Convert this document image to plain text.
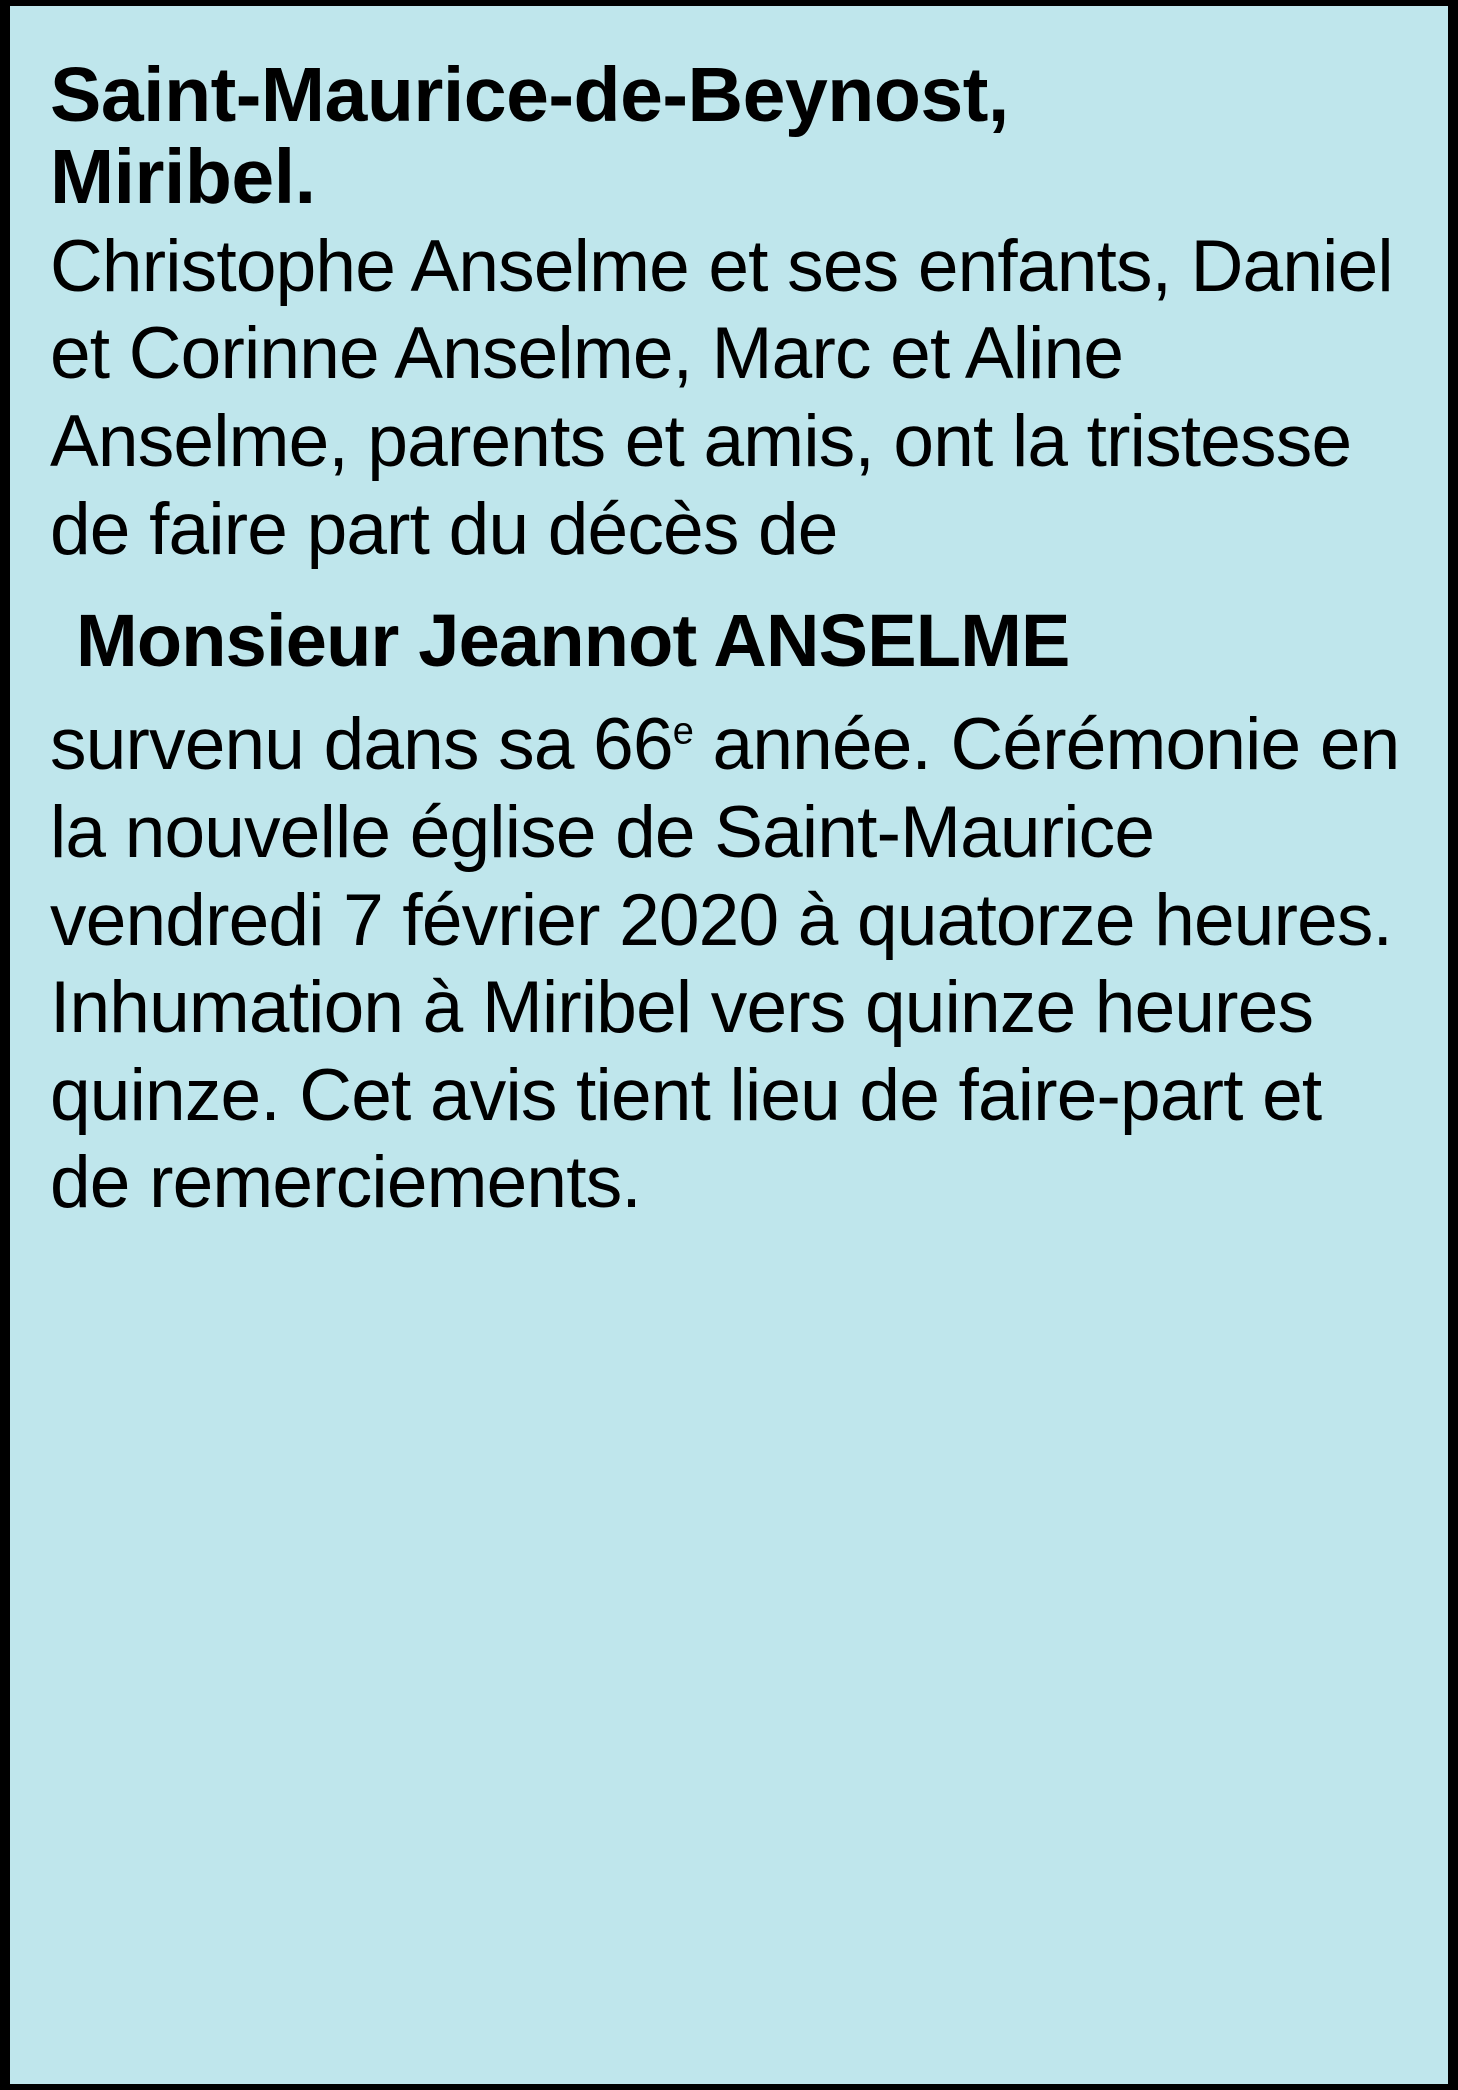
Saint-Maurice-de-Beynost, Miribel.

Christophe Anselme et ses enfants, Daniel et Corinne Anselme, Marc et Aline Anselme, parents et amis, ont la tristesse de faire part du décès de

Monsieur Jeannot ANSELME

survenu dans sa 66e année. Cérémonie en la nouvelle église de Saint-Maurice vendredi 7 février 2020 à quatorze heures. Inhumation à Miribel vers quinze heures quinze. Cet avis tient lieu de faire-part et de remerciements.
